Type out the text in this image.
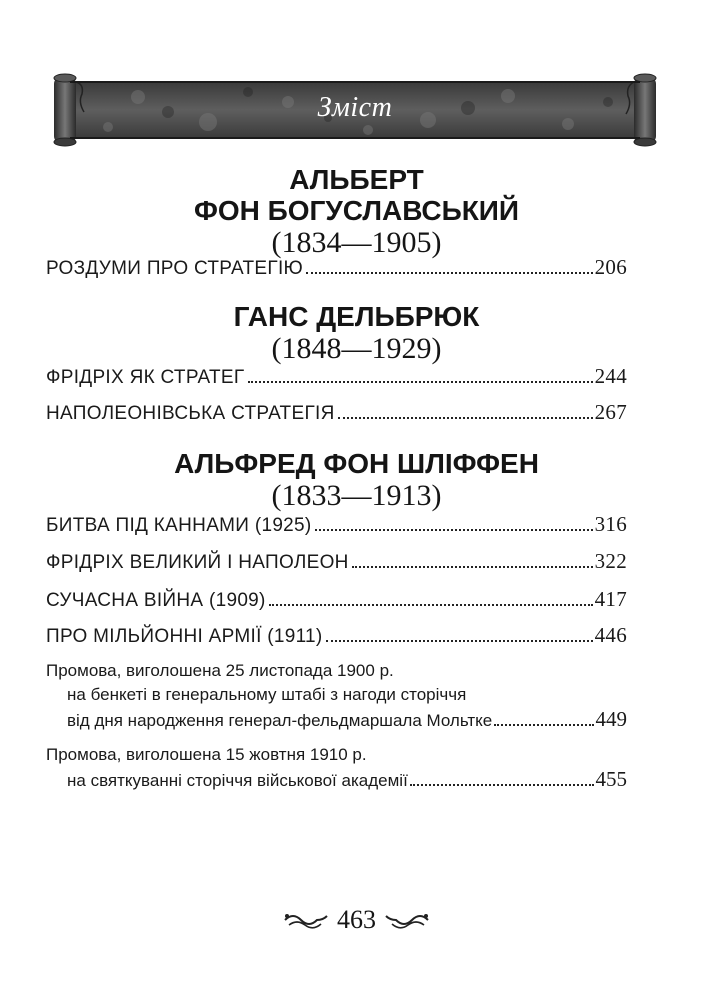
Зміст
АЛЬБЕРТ
ФОН БОГУСЛАВСЬКИЙ
(1834—1905)
РОЗДУМИ ПРО СТРАТЕГІЮ	206
ГАНС ДЕЛЬБРЮК
(1848—1929)
ФРІДРІХ ЯК СТРАТЕГ	244
НАПОЛЕОНІВСЬКА СТРАТЕГІЯ	267
АЛЬФРЕД ФОН ШЛІФФЕН
(1833—1913)
БИТВА ПІД КАННАМИ (1925)	316
ФРІДРІХ ВЕЛИКИЙ І НАПОЛЕОН	322
СУЧАСНА ВІЙНА (1909)	417
ПРО МІЛЬЙОННІ АРМІЇ (1911)	446
Промова, виголошена 25 листопада 1900 р.
на бенкеті в генеральному штабі з нагоди сторіччя
від дня народження генерал-фельдмаршала Мольтке	449
Промова, виголошена 15 жовтня 1910 р.
на святкуванні сторіччя військової академії	455
463
